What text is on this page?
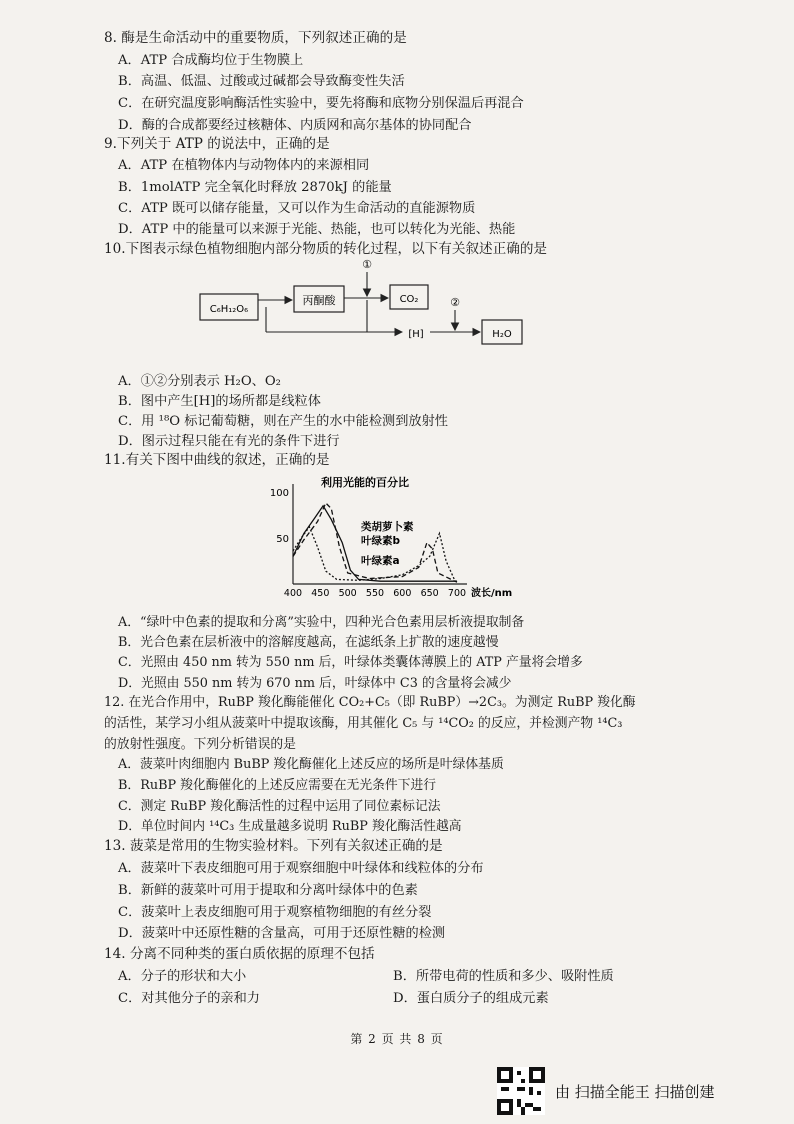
8. 酶是生命活动中的重要物质，下列叙述正确的是
A．ATP 合成酶均位于生物膜上
B．高温、低温、过酸或过碱都会导致酶变性失活
C．在研究温度影响酶活性实验中，要先将酶和底物分别保温后再混合
D．酶的合成都要经过核糖体、内质网和高尔基体的协同配合
9.下列关于 ATP 的说法中，正确的是
A．ATP 在植物体内与动物体内的来源相同
B．1molATP 完全氧化时释放 2870kJ 的能量
C．ATP 既可以储存能量，又可以作为生命活动的直能源物质
D．ATP 中的能量可以来源于光能、热能，也可以转化为光能、热能
10.下图表示绿色植物细胞内部分物质的转化过程，以下有关叙述正确的是
C₆H₁₂O₆
丙酮酸	CO₂
[H]	H₂O
①
②
A．①②分别表示 H₂O、O₂
B．图中产生[H]的场所都是线粒体
C．用 ¹⁸O 标记葡萄糖，则在产生的水中能检测到放射性
D．图示过程只能在有光的条件下进行
11.有关下图中曲线的叙述，正确的是
利用光能的百分比
100
50
400 450 500 550 600 650 700 波长/nm
类胡萝卜素
叶绿素b
叶绿素a
A．“绿叶中色素的提取和分离”实验中，四种光合色素用层析液提取制备
B．光合色素在层析液中的溶解度越高，在滤纸条上扩散的速度越慢
C．光照由 450 nm 转为 550 nm 后，叶绿体类囊体薄膜上的 ATP 产量将会增多
D．光照由 550 nm 转为 670 nm 后，叶绿体中 C3 的含量将会减少
12. 在光合作用中，RuBP 羧化酶能催化 CO₂+C₅（即 RuBP）→2C₃。为测定 RuBP 羧化酶
的活性，某学习小组从菠菜叶中提取该酶，用其催化 C₅ 与 ¹⁴CO₂ 的反应，并检测产物 ¹⁴C₃
的放射性强度。下列分析错误的是
A．菠菜叶肉细胞内 BuBP 羧化酶催化上述反应的场所是叶绿体基质
B．RuBP 羧化酶催化的上述反应需要在无光条件下进行
C．测定 RuBP 羧化酶活性的过程中运用了同位素标记法
D．单位时间内 ¹⁴C₃ 生成量越多说明 RuBP 羧化酶活性越高
13. 菠菜是常用的生物实验材料。下列有关叙述正确的是
A．菠菜叶下表皮细胞可用于观察细胞中叶绿体和线粒体的分布
B．新鲜的菠菜叶可用于提取和分离叶绿体中的色素
C．菠菜叶上表皮细胞可用于观察植物细胞的有丝分裂
D．菠菜叶中还原性糖的含量高，可用于还原性糖的检测
14. 分离不同种类的蛋白质依据的原理不包括
A．分子的形状和大小	B．所带电荷的性质和多少、吸附性质
C．对其他分子的亲和力	D．蛋白质分子的组成元素
第 2 页 共 8 页
由 扫描全能王 扫描创建
